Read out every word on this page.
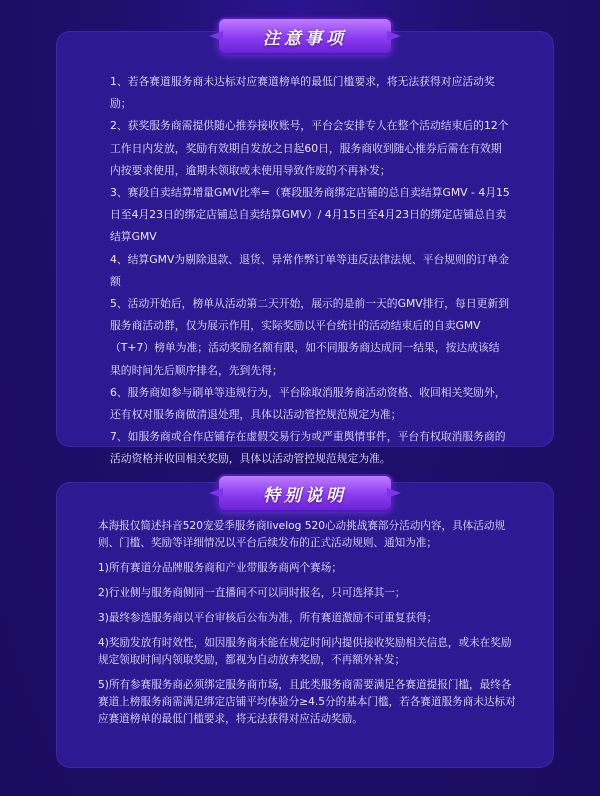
注意事项

1、若各赛道服务商未达标对应赛道榜单的最低门槛要求，将无法获得对应活动奖励；

2、获奖服务商需提供随心推券接收账号，平台会安排专人在整个活动结束后的12个工作日内发放，奖励有效期自发放之日起60日，服务商收到随心推券后需在有效期内按要求使用，逾期未领取或未使用导致作废的不再补发；

3、赛段自卖结算增量GMV比率=（赛段服务商绑定店铺的总自卖结算GMV - 4月15日至4月23日的绑定店铺总自卖结算GMV）/ 4月15日至4月23日的绑定店铺总自卖结算GMV

4、结算GMV为剔除退款、退货、异常作弊订单等违反法律法规、平台规则的订单金额

5、活动开始后，榜单从活动第二天开始，展示的是前一天的GMV排行，每日更新到服务商活动群，仅为展示作用，实际奖励以平台统计的活动结束后的自卖GMV（T+7）榜单为准；活动奖励名额有限，如不同服务商达成同一结果，按达成该结果的时间先后顺序排名，先到先得；

6、服务商如参与刷单等违规行为，平台除取消服务商活动资格、收回相关奖励外，还有权对服务商做清退处理，具体以活动管控规范规定为准；

7、如服务商或合作店铺存在虚假交易行为或严重舆情事件，平台有权取消服务商的活动资格并收回相关奖励，具体以活动管控规范规定为准。

特别说明

本海报仅简述抖音520宠爱季服务商livelog 520心动挑战赛部分活动内容，具体活动规则、门槛、奖励等详细情况以平台后续发布的正式活动规则、通知为准；

1)所有赛道分品牌服务商和产业带服务商两个赛场；

2)行业侧与服务商侧同一直播间不可以同时报名，只可选择其一；

3)最终参选服务商以平台审核后公布为准，所有赛道激励不可重复获得；

4)奖励发放有时效性，如因服务商未能在规定时间内提供接收奖励相关信息，或未在奖励规定领取时间内领取奖励，都视为自动放弃奖励，不再额外补发；

5)所有参赛服务商必须绑定服务商市场，且此类服务商需要满足各赛道提报门槛，最终各赛道上榜服务商需满足绑定店铺平均体验分≥4.5分的基本门槛，若各赛道服务商未达标对应赛道榜单的最低门槛要求，将无法获得对应活动奖励。
